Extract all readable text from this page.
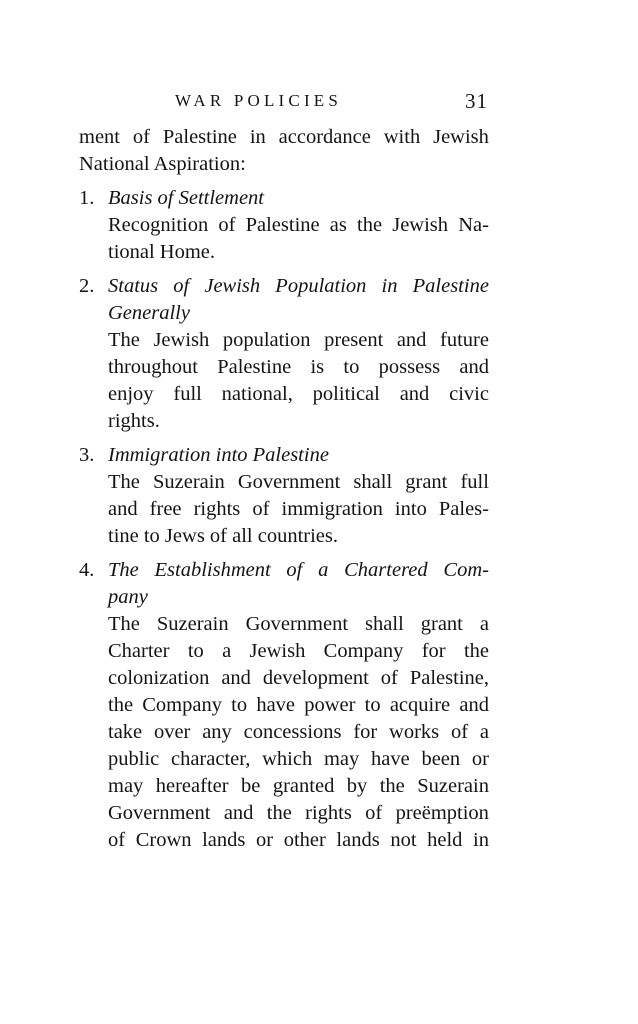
WAR POLICIES	31
ment of Palestine in accordance with Jewish
National Aspiration:
1. Basis of Settlement
Recognition of Palestine as the Jewish Na-
tional Home.
2. Status of Jewish Population in Palestine
Generally
The Jewish population present and future
throughout Palestine is to possess and
enjoy full national, political and civic
rights.
3. Immigration into Palestine
The Suzerain Government shall grant full
and free rights of immigration into Pales-
tine to Jews of all countries.
4. The Establishment of a Chartered Com-
pany
The Suzerain Government shall grant a
Charter to a Jewish Company for the
colonization and development of Palestine,
the Company to have power to acquire and
take over any concessions for works of a
public character, which may have been or
may hereafter be granted by the Suzerain
Government and the rights of preëmption
of Crown lands or other lands not held in
